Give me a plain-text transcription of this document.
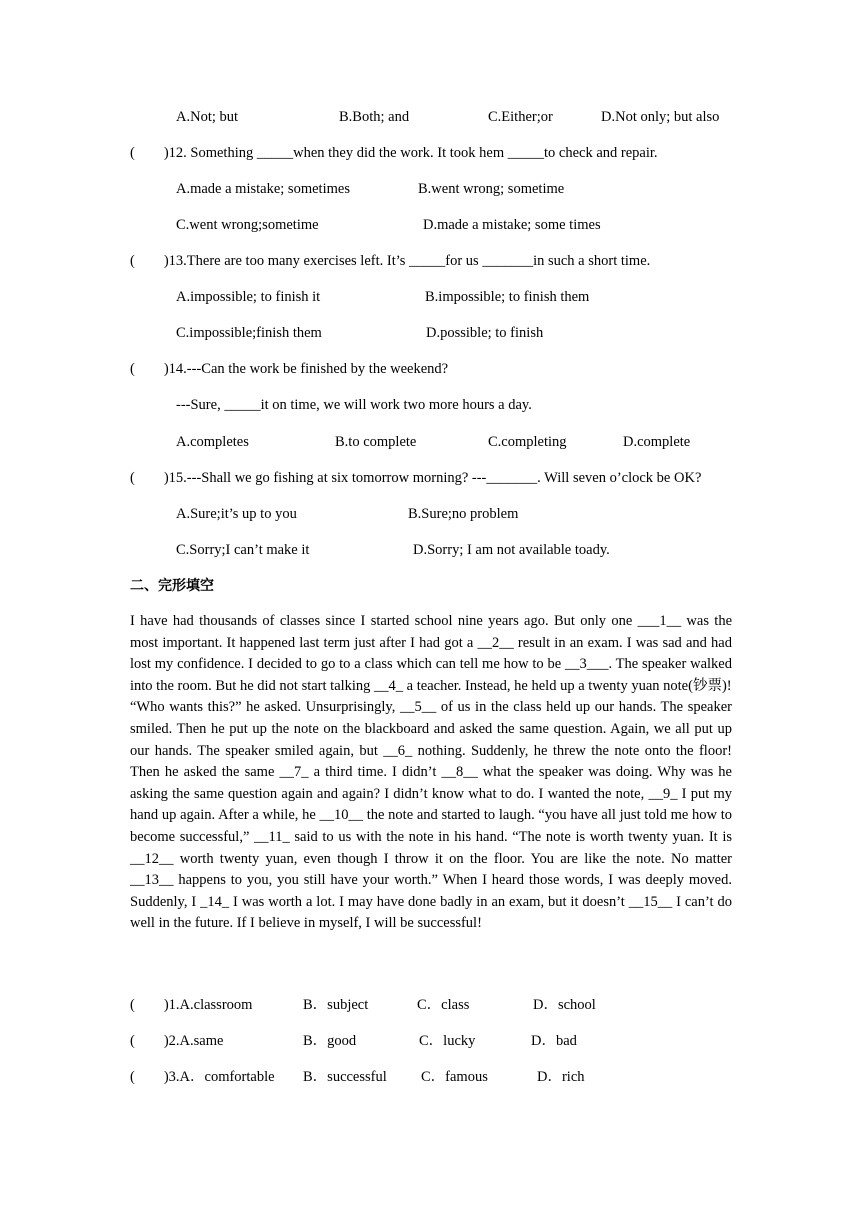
A.Not; but	B.Both; and	C.Either;or	D.Not only; but also
(        )12. Something _____when they did the work. It took hem _____to check and repair.
A.made a mistake; sometimes	B.went wrong; sometime
C.went wrong;sometime	D.made a mistake; some times
(        )13.There are too many exercises left. It’s _____for us _______in such a short time.
A.impossible; to finish it	B.impossible; to finish them
C.impossible;finish them	D.possible; to finish
(        )14.---Can the work be finished by the weekend?
---Sure, _____it on time, we will work two more hours a day.
A.completes	B.to complete	C.completing	D.complete
(        )15.---Shall we go fishing at six tomorrow morning? ---_______. Will seven o’clock be OK?
A.Sure;it’s up to you	B.Sure;no problem
C.Sorry;I can’t make it	D.Sorry; I am not available toady.
二、完形填空
I have had thousands of classes since I started school nine years ago. But only one ___1__ was the most important. It happened last term just after I had got a __2__ result in an exam. I was sad and had lost my confidence. I decided to go to a class which can tell me how to be __3___. The speaker walked into the room. But he did not start talking __4_ a teacher. Instead, he held up a twenty yuan note(钞票)!
“Who wants this?” he asked. Unsurprisingly, __5__ of us in the class held up our hands. The speaker smiled. Then he put up the note on the blackboard and asked the same question. Again, we all put up our hands. The speaker smiled again, but __6_ nothing. Suddenly, he threw the note onto the floor! Then he asked the same __7_ a third time. I didn’t __8__ what the speaker was doing. Why was he asking the same question again and again? I didn’t know what to do. I wanted the note, __9_ I put my hand up again. After a while, he __10__ the note and started to laugh. “you have all just told me how to become successful,” __11_ said to us with the note in his hand. “The note is worth twenty yuan. It is __12__ worth twenty yuan, even though I throw it on the floor. You are like the note. No matter __13__ happens to you, you still have your worth.” When I heard those words, I was deeply moved. Suddenly, I _14_ I was worth a lot. I may have done badly in an exam, but it doesn’t __15__ I can’t do well in the future. If I believe in myself, I will be successful!
(        )1.A.classroom	B．subject	C．class	D．school
(        )2.A.same	B．good	C．lucky	D．bad
(        )3.A．comfortable B．successful C．famous	D．rich
